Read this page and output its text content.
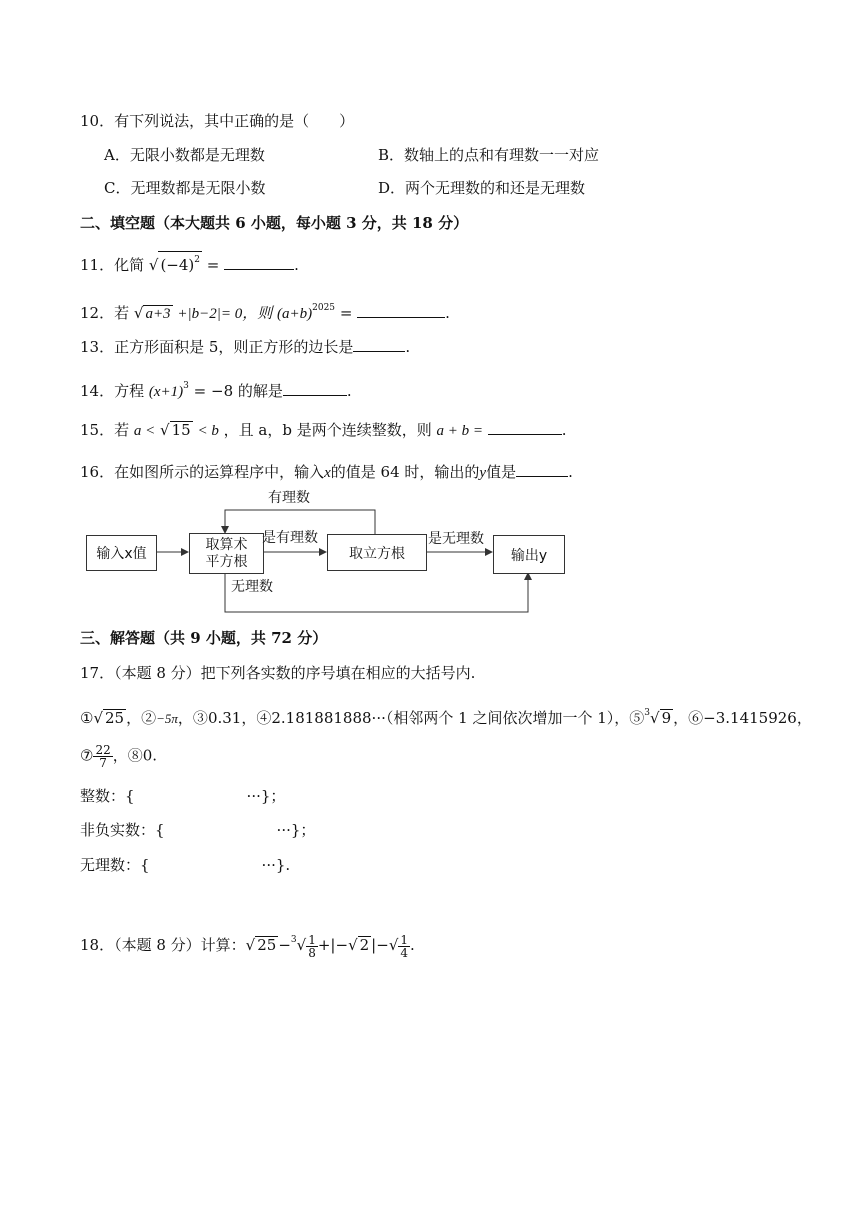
10．有下列说法，其中正确的是（　　）
A．无限小数都是无理数	B．数轴上的点和有理数一一对应
C．无理数都是无限小数	D．两个无理数的和还是无理数
二、填空题（本大题共 6 小题，每小题 3 分，共 18 分）
11．化简 √ $(-4)^2$ =	.
12．若 √ a+3 +|b−2|= 0，则 $(a+b)^{2025}$ =	.
13．正方形面积是 5，则正方形的边长是	.
14．方程 $(x+1)^3 = -8$ 的解是	.
15．若 a < √ 15 < b ，且 a，b 是两个连续整数，则 a + b =	.
16．在如图所示的运算程序中，输入x的值是 64 时，输出的y值是	.
输入x值
取算术
平方根	取立方根	输出y
有理数
是有理数	是无理数
无理数
三、解答题（共 9 小题，共 72 分）
17．（本题 8 分）把下列各实数的序号填在相应的大括号内.
①√ 25 ，②−5π，③0.31，④2.181881888···（相邻两个 1 之间依次增加一个 1），⑤$^3$√ 9 ，⑥−3.1415926，
⑦ $\frac{22}{7}$ ，⑧0.
整数：{	···}；
非负实数：{	···}；
无理数：{	···}.
18．（本题 8 分）计算：√ $25 -^3√ \frac{1}{8}$ +|−√ 2 |−√ $\frac{1}{4}$ .
